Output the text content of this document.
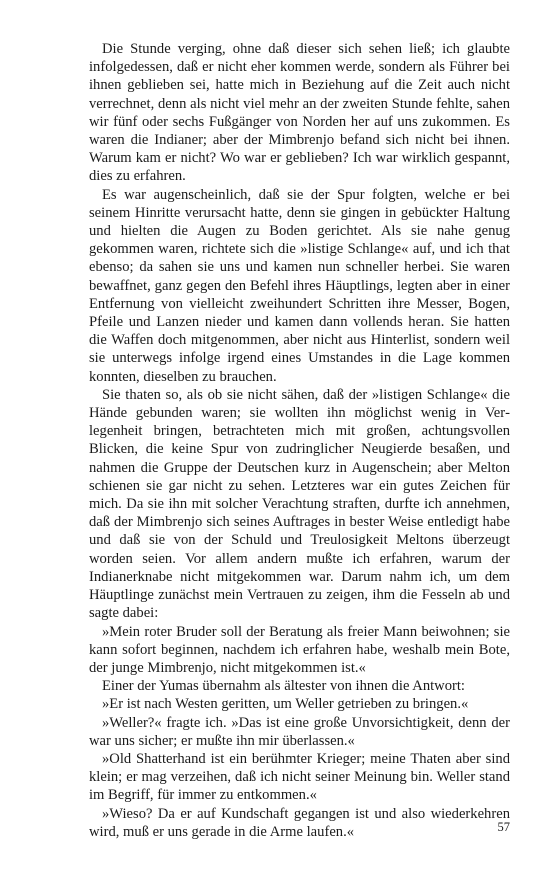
Die Stunde verging, ohne daß dieser sich sehen ließ; ich glaubte infolgedessen, daß er nicht eher kommen werde, sondern als Führer bei ihnen geblieben sei, hatte mich in Beziehung auf die Zeit auch nicht verrechnet, denn als nicht viel mehr an der zweiten Stunde fehlte, sahen wir fünf oder sechs Fußgänger von Norden her auf uns zukommen. Es waren die Indianer; aber der Mimbrenjo befand sich nicht bei ihnen. Warum kam er nicht? Wo war er geblieben? Ich war wirklich gespannt, dies zu erfahren.

Es war augenscheinlich, daß sie der Spur folgten, welche er bei seinem Hinritte verursacht hatte, denn sie gingen in gebückter Haltung und hielten die Augen zu Boden gerichtet. Als sie nahe genug gekommen waren, richtete sich die »listige Schlange« auf, und ich that ebenso; da sahen sie uns und kamen nun schneller herbei. Sie waren bewaffnet, ganz gegen den Befehl ihres Häuptlings, legten aber in einer Entfernung von vielleicht zweihundert Schritten ihre Messer, Bogen, Pfeile und Lanzen nieder und kamen dann vollends heran. Sie hatten die Waffen doch mitgenommen, aber nicht aus Hinterlist, sondern weil sie unterwegs infolge irgend eines Umstandes in die Lage kommen konnten, dieselben zu brauchen.

Sie thaten so, als ob sie nicht sähen, daß der »listigen Schlange« die Hände gebunden waren; sie wollten ihn möglichst wenig in Verlegenheit bringen, betrachteten mich mit großen, achtungsvollen Blicken, die keine Spur von zudringlicher Neugierde besaßen, und nahmen die Gruppe der Deutschen kurz in Augenschein; aber Melton schienen sie gar nicht zu sehen. Letzteres war ein gutes Zeichen für mich. Da sie ihn mit solcher Verachtung straften, durfte ich annehmen, daß der Mimbrenjo sich seines Auftrages in bester Weise entledigt habe und daß sie von der Schuld und Treulosigkeit Meltons überzeugt worden seien. Vor allem andern mußte ich erfahren, warum der Indianerknabe nicht mitgekommen war. Darum nahm ich, um dem Häuptlinge zunächst mein Vertrauen zu zeigen, ihm die Fesseln ab und sagte dabei:

»Mein roter Bruder soll der Beratung als freier Mann beiwohnen; sie kann sofort beginnen, nachdem ich erfahren habe, weshalb mein Bote, der junge Mimbrenjo, nicht mitgekommen ist.«

Einer der Yumas übernahm als ältester von ihnen die Antwort:

»Er ist nach Westen geritten, um Weller getrieben zu bringen.«

»Weller?« fragte ich. »Das ist eine große Unvorsichtigkeit, denn der war uns sicher; er mußte ihn mir überlassen.«

»Old Shatterhand ist ein berühmter Krieger; meine Thaten aber sind klein; er mag verzeihen, daß ich nicht seiner Meinung bin. Weller stand im Begriff, für immer zu entkommen.«

»Wieso? Da er auf Kundschaft gegangen ist und also wiederkehren wird, muß er uns gerade in die Arme laufen.«	57
